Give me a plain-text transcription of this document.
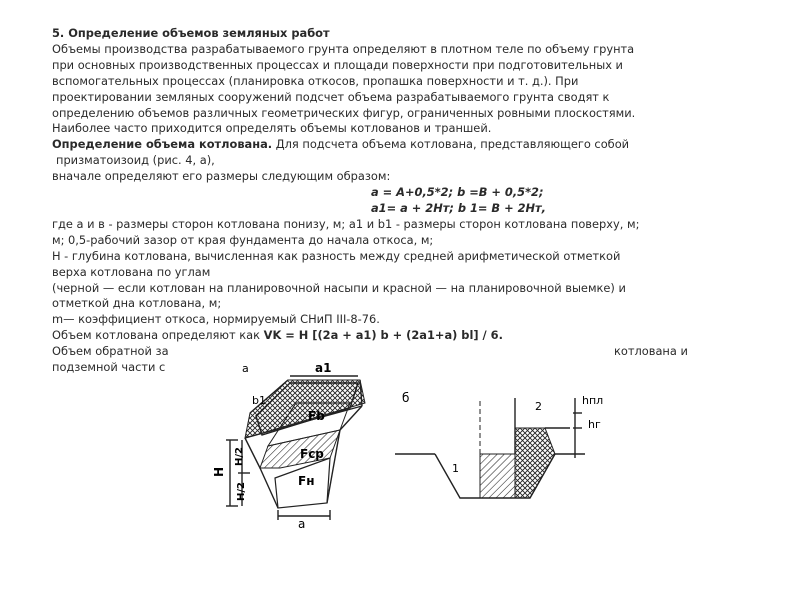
5. Определение объемов земляных работ

Объемы производства разрабатываемого грунта определяют в плотном теле по объему грунта

при основных производственных процессах и площади поверхности при подготовительных и

вспомогательных процессах (планировка откосов, пропашка поверхности и т. д.). При

проектировании земляных сооружений подсчет объема разрабатываемого грунта сводят к

определению объемов различных геометрических фигур, ограниченных ровными плоскостями.

Наиболее часто приходится определять объемы котлованов и траншей.

Определение объема котлована. Для подсчета объема котлована, представляющего собой

призматоизоид (рис. 4, а),

вначале определяют его размеры следующим образом:

a = A+0,5*2; b =B + 0,5*2;

a1= a + 2Hт; b 1= B + 2Hт,

где a и в - размеры сторон котлована понизу, м; a1 и b1 - размеры сторон котлована поверху, м;

м; 0,5-рабочий зазор от края фундамента до начала откоса, м;

Н - глубина котлована, вычисленная как разность между средней арифметической отметкой

верха котлована по углам

(черной — если котлован на планировочной насыпи и красной — на планировочной выемке) и

отметкой дна котлована, м;

m— коэффициент откоса, нормируемый СНиП III-8-76.

Объем котлована определяют как VK = H [(2a + a1) b + (2a1+a) bl] / 6.

Объем обратной за	котлована и

подземной части с	a	a1
b1
Fb
Fcp
Fн
H
H/2
H/2
a
б
1
2	hпл
hг
